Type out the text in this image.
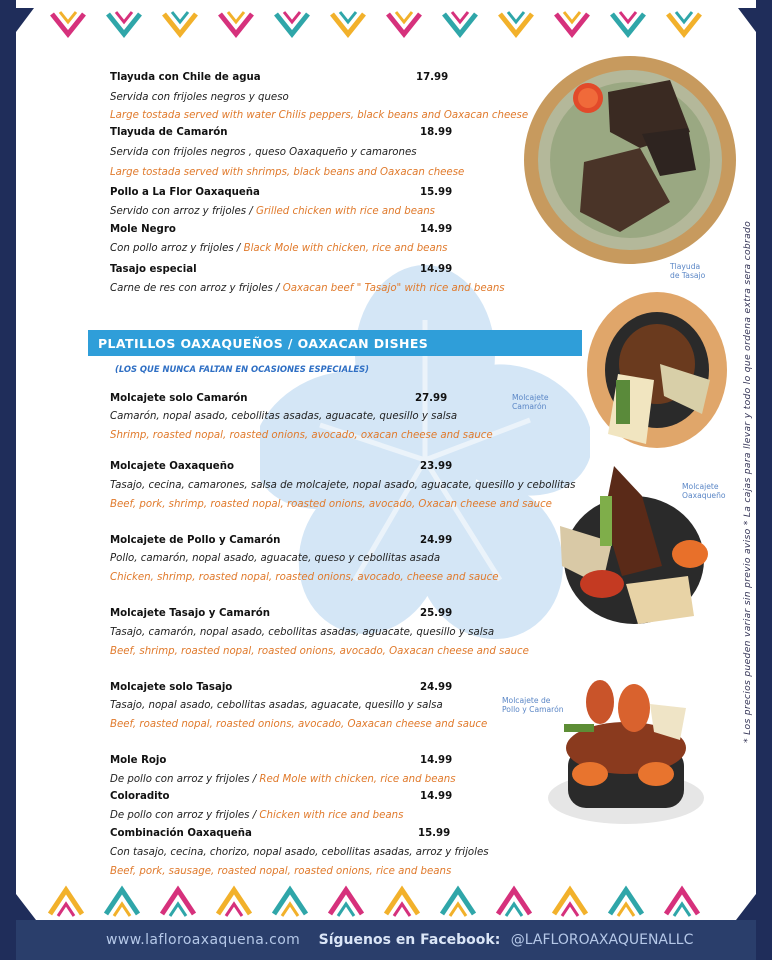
Tlayuda con Chile de agua	17.99
Servida con frijoles negros y queso
Large tostada served with water Chilis peppers, black beans and Oaxacan cheese
Tlayuda de Camarón	18.99
Servida con frijoles negros , queso Oaxaqueño y camarones
Large tostada served with shrimps, black beans and Oaxacan cheese
Pollo a La Flor Oaxaqueña	15.99
Servido con arroz y frijoles / Grilled chicken with rice and beans
Mole Negro	14.99
Con pollo arroz y frijoles / Black Mole with chicken, rice and beans
Tasajo especial	14.99
Carne de res con arroz y frijoles / Oaxacan beef " Tasajo" with rice and beans
PLATILLOS OAXAQUEÑOS / OAXACAN DISHES
(LOS QUE NUNCA FALTAN EN OCASIONES ESPECIALES)
Molcajete solo Camarón	27.99
Camarón, nopal asado, cebollitas asadas, aguacate, quesillo y salsa
Shrimp, roasted nopal, roasted onions, avocado, oxacan cheese and sauce
Molcajete Oaxaqueño	23.99
Tasajo, cecina, camarones, salsa de molcajete, nopal asado, aguacate, quesillo y cebollitas
Beef, pork, shrimp, roasted nopal, roasted onions, avocado, Oxacan cheese and sauce
Molcajete de Pollo y Camarón	24.99
Pollo, camarón, nopal asado, aguacate, queso y cebollitas asada
Chicken, shrimp, roasted nopal, roasted onions, avocado, cheese and sauce
Molcajete Tasajo y Camarón	25.99
Tasajo, camarón, nopal asado, cebollitas asadas, aguacate, quesillo y salsa
Beef, shrimp, roasted nopal, roasted onions, avocado, Oaxacan cheese and sauce
Molcajete solo Tasajo	24.99
Tasajo, nopal asado, cebollitas asadas, aguacate, quesillo y salsa
Beef, roasted nopal, roasted onions, avocado, Oaxacan cheese and sauce
Mole Rojo	14.99
De pollo con arroz y frijoles / Red Mole with chicken, rice and beans
Coloradito	14.99
De pollo con arroz y frijoles / Chicken with rice and beans
Combinación Oaxaqueña	15.99
Con tasajo, cecina, chorizo, nopal asado, cebollitas asadas, arroz y frijoles
Beef, pork, sausage, roasted nopal, roasted onions, rice and beans
Tlayuda
de Tasajo
Molcajete
Camarón
Molcajete
Oaxaqueño
Molcajete de
Pollo y Camarón	* Los precios pueden variar sin previo aviso * La cajas para llevar y todo lo que ordena extra sera cobrado
www.lafloroaxaquena.com Síguenos en Facebook: @LAFLOROAXAQUENALLC
